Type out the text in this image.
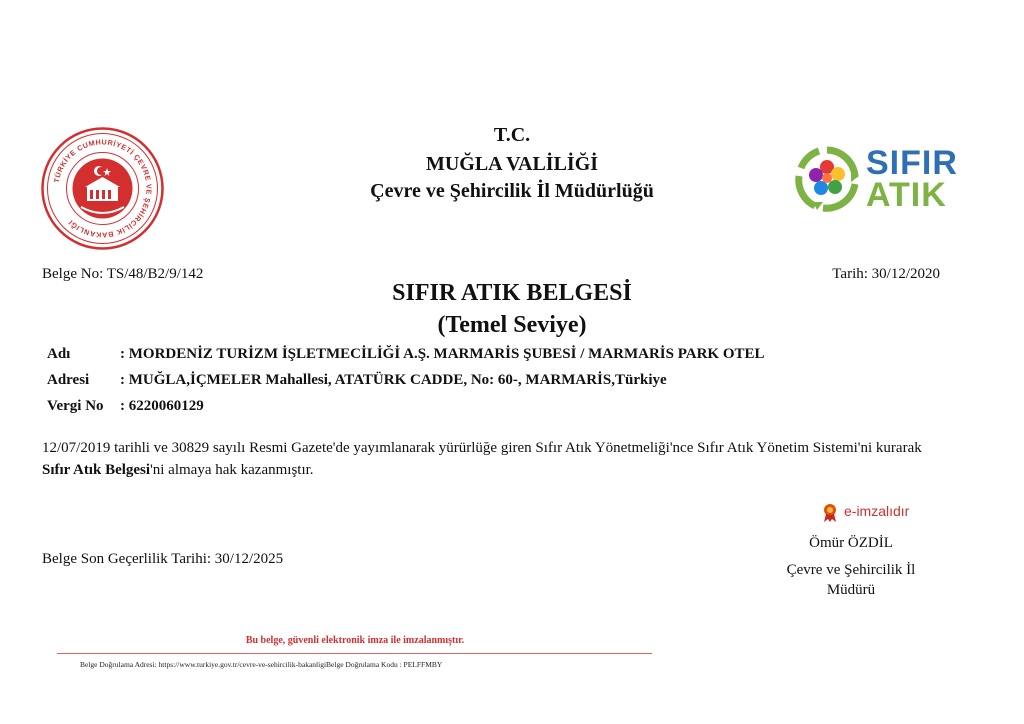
TÜRKİYE CUMHURİYETİ ÇEVRE VE ŞEHİRCİLİK BAKANLIĞI
T.C.
MUĞLA VALİLİĞİ
Çevre ve Şehircilik İl Müdürlüğü
SIFIR
ATIK
Belge No: TS/48/B2/9/142	Tarih: 30/12/2020
SIFIR ATIK BELGESİ
(Temel Seviye)
Adı	: MORDENİZ TURİZM İŞLETMECİLİĞİ A.Ş. MARMARİS ŞUBESİ / MARMARİS PARK OTEL
Adresi : MUĞLA,İÇMELER Mahallesi, ATATÜRK CADDE, No: 60-, MARMARİS,Türkiye
Vergi No : 6220060129
12/07/2019 tarihli ve 30829 sayılı Resmi Gazete'de yayımlanarak yürürlüğe giren Sıfır Atık Yönetmeliği'nce Sıfır Atık Yönetim Sistemi'ni kurarak Sıfır Atık Belgesi'ni almaya hak kazanmıştır.
e-imzalıdır
Ömür ÖZDİL
Çevre ve Şehircilik İl
Müdürü
Belge Son Geçerlilik Tarihi: 30/12/2025
Bu belge, güvenli elektronik imza ile imzalanmıştır.
Belge Doğrulama Adresi: https://www.turkiye.gov.tr/cevre-ve-sehircilik-bakanligiBelge Doğrulama Kodu : PELFFMBY
